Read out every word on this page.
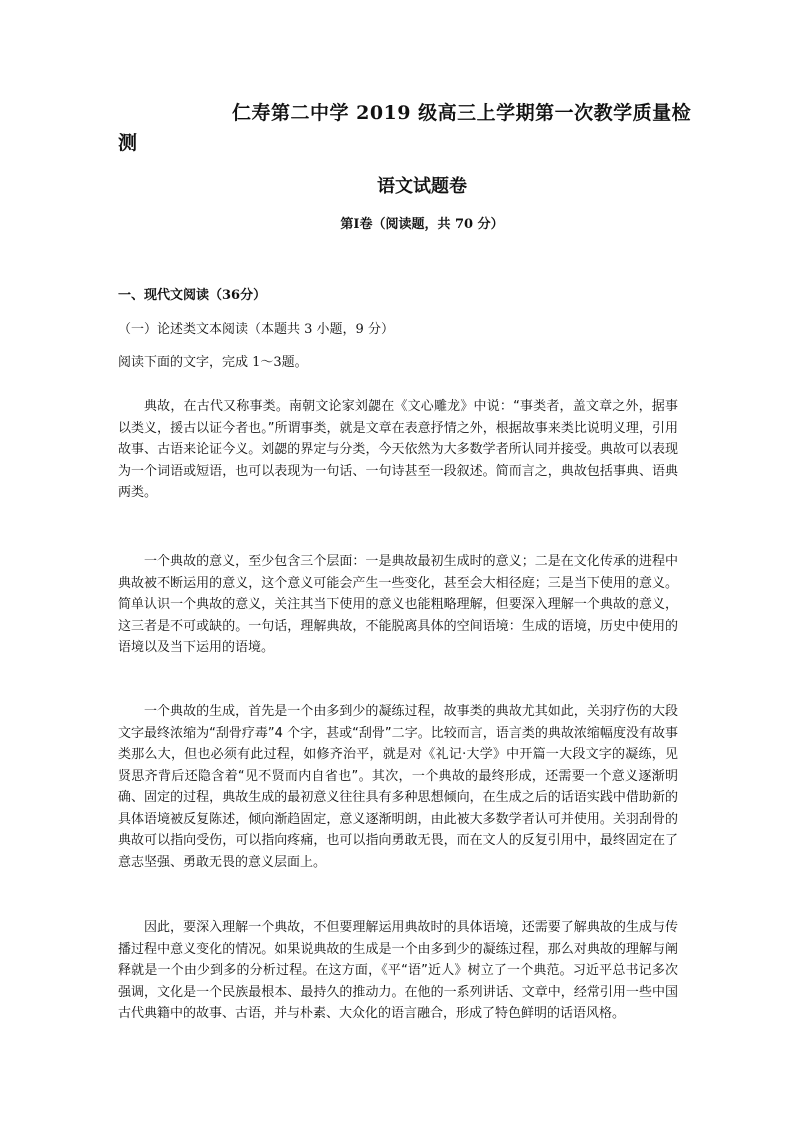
仁寿第二中学 2019 级高三上学期第一次教学质量检
测
语文试题卷
第Ⅰ卷（阅读题，共 70 分）
一、现代文阅读（36分）
（一）论述类文本阅读（本题共 3 小题，9 分）
阅读下面的文字，完成 1～3题。

典故，在古代又称事类。南朝文论家刘勰在《文心雕龙》中说：“事类者，盖文章之外，据事以类义，援古以证今者也。”所谓事类，就是文章在表意抒情之外，根据故事来类比说明义理，引用故事、古语来论证今义。刘勰的界定与分类，今天依然为大多数学者所认同并接受。典故可以表现为一个词语或短语，也可以表现为一句话、一句诗甚至一段叙述。简而言之，典故包括事典、语典两类。

一个典故的意义，至少包含三个层面：一是典故最初生成时的意义；二是在文化传承的进程中典故被不断运用的意义，这个意义可能会产生一些变化，甚至会大相径庭；三是当下使用的意义。简单认识一个典故的意义，关注其当下使用的意义也能粗略理解，但要深入理解一个典故的意义，这三者是不可或缺的。一句话，理解典故，不能脱离具体的空间语境：生成的语境，历史中使用的语境以及当下运用的语境。

一个典故的生成，首先是一个由多到少的凝练过程，故事类的典故尤其如此，关羽疗伤的大段文字最终浓缩为“刮骨疗毒”4 个字，甚或“刮骨”二字。比较而言，语言类的典故浓缩幅度没有故事类那么大，但也必须有此过程，如修齐治平，就是对《礼记·大学》中开篇一大段文字的凝练，见贤思齐背后还隐含着“见不贤而内自省也”。其次，一个典故的最终形成，还需要一个意义逐渐明确、固定的过程，典故生成的最初意义往往具有多种思想倾向，在生成之后的话语实践中借助新的具体语境被反复陈述，倾向渐趋固定，意义逐渐明朗，由此被大多数学者认可并使用。关羽刮骨的典故可以指向受伤，可以指向疼痛，也可以指向勇敢无畏，而在文人的反复引用中，最终固定在了意志坚强、勇敢无畏的意义层面上。

因此，要深入理解一个典故，不但要理解运用典故时的具体语境，还需要了解典故的生成与传播过程中意义变化的情况。如果说典故的生成是一个由多到少的凝练过程，那么对典故的理解与阐释就是一个由少到多的分析过程。在这方面，《平“语”近人》树立了一个典范。习近平总书记多次强调，文化是一个民族最根本、最持久的推动力。在他的一系列讲话、文章中，经常引用一些中国古代典籍中的故事、古语，并与朴素、大众化的语言融合，形成了特色鲜明的话语风格。
